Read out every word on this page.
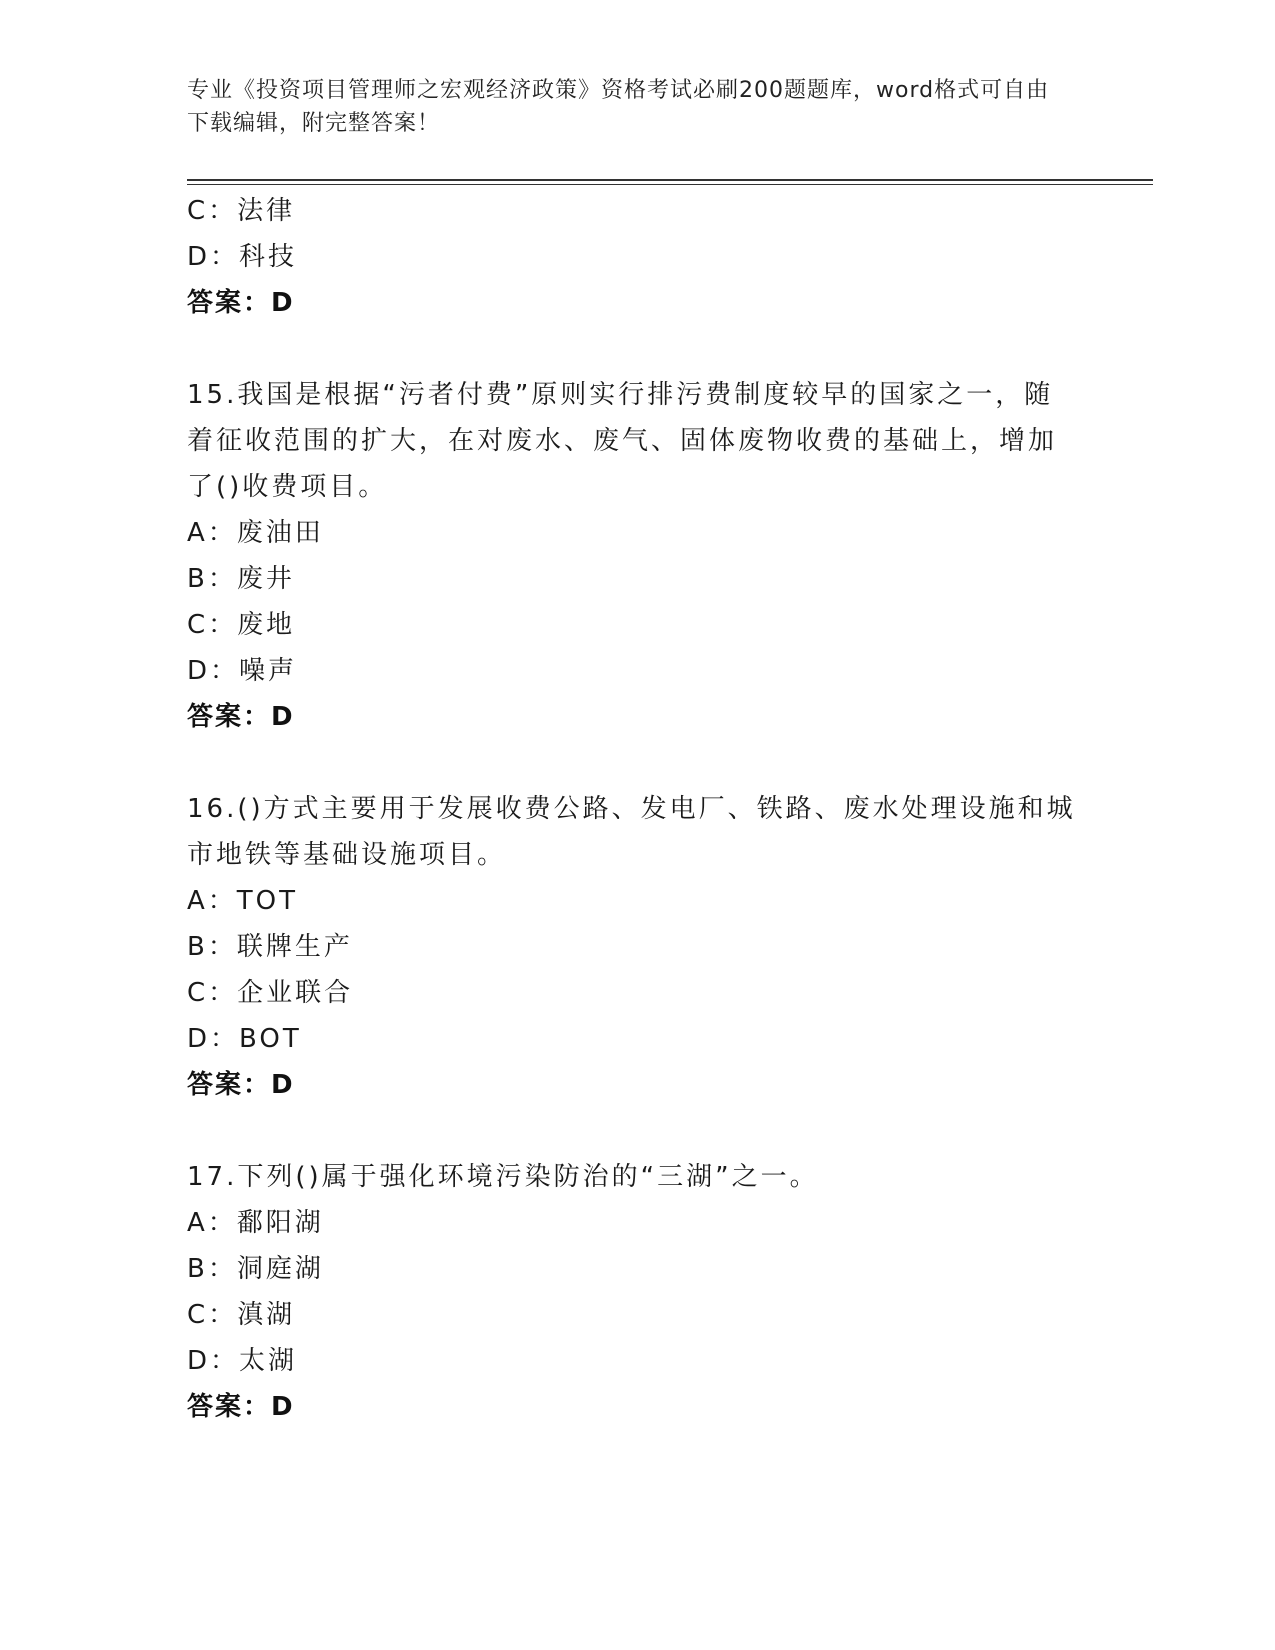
专业《投资项目管理师之宏观经济政策》资格考试必刷200题题库，word格式可自由下载编辑，附完整答案！
C：法律
D：科技
答案：D
15.我国是根据“污者付费”原则实行排污费制度较早的国家之一，随着征收范围的扩大，在对废水、废气、固体废物收费的基础上，增加了()收费项目。
A：废油田
B：废井
C：废地
D：噪声
答案：D
16.()方式主要用于发展收费公路、发电厂、铁路、废水处理设施和城市地铁等基础设施项目。
A：TOT
B：联牌生产
C：企业联合
D：BOT
答案：D
17.下列()属于强化环境污染防治的“三湖”之一。
A：鄱阳湖
B：洞庭湖
C：滇湖
D：太湖
答案：D
